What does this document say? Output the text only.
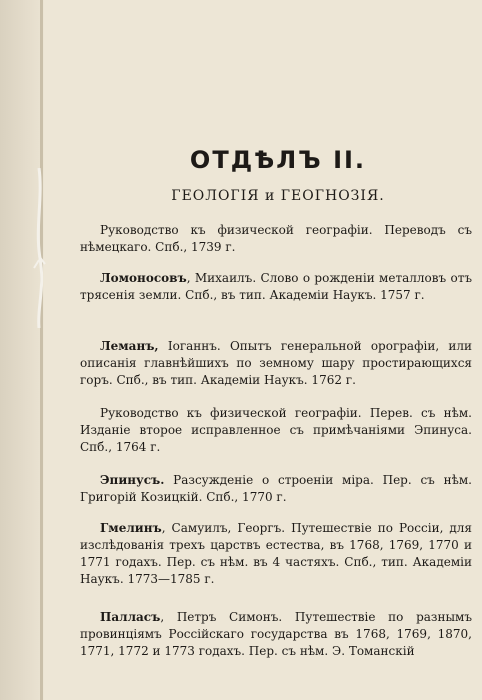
ОТДѢЛЪ II.
ГЕОЛОГІЯ и ГЕОГНОЗІЯ.

Руководство къ физической географіи. Переводъ съ нѣмецкаго. Спб., 1739 г.

Ломоносовъ, Михаилъ. Слово о рожденіи металловъ отъ трясенія земли. Спб., въ тип. Академіи Наукъ. 1757 г.

Леманъ, Іоганнъ. Опытъ генеральной орографіи, или описанія главнѣйшихъ по земному шару простирающихся горъ. Спб., въ тип. Академіи Наукъ. 1762 г.

Руководство къ физической географіи. Перев. съ нѣм. Изданіе второе исправленное съ примѣчаніями Эпинуса. Спб., 1764 г.

Эпинусъ. Разсужденіе о строеніи міра. Пер. съ нѣм. Григорій Козицкій. Спб., 1770 г.

Гмелинъ, Самуилъ, Георгъ. Путешествіе по Россіи, для изслѣдованія трехъ царствъ естества, въ 1768, 1769, 1770 и 1771 годахъ. Пер. съ нѣм. въ 4 частяхъ. Спб., тип. Академіи Наукъ. 1773—1785 г.

Палласъ, Петръ Симонъ. Путешествіе по разнымъ провинціямъ Россійскаго государства въ 1768, 1769, 1870, 1771, 1772 и 1773 годахъ. Пер. съ нѣм. Э. Томанскій
